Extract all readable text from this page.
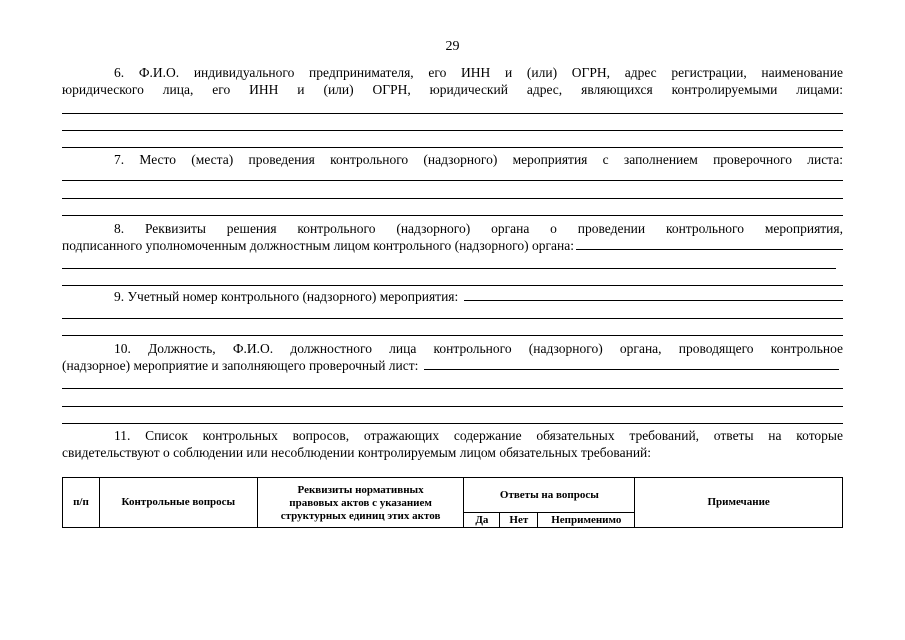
29
6. Ф.И.О. индивидуального предпринимателя, его ИНН и (или) ОГРН, адрес регистрации, наименование
юридического лица, его ИНН и (или) ОГРН, юридический адрес, являющихся контролируемыми лицами:
7. Место (места) проведения контрольного (надзорного) мероприятия с заполнением проверочного листа:
8. Реквизиты решения контрольного (надзорного) органа о проведении контрольного мероприятия,
подписанного уполномоченным должностным лицом контрольного (надзорного) органа:
9. Учетный номер контрольного (надзорного) мероприятия:
10. Должность, Ф.И.О. должностного лица контрольного (надзорного) органа, проводящего контрольное
(надзорное) мероприятие и заполняющего проверочный лист:
11. Список контрольных вопросов, отражающих содержание обязательных требований, ответы на которые
свидетельствуют о соблюдении или несоблюдении контролируемым лицом обязательных требований:
п/п	Контрольные вопросы	Реквизиты нормативных
правовых актов с указанием
структурных единиц этих актов	Ответы на вопросы			Примечание
			Да	Нет	Неприменимо	
